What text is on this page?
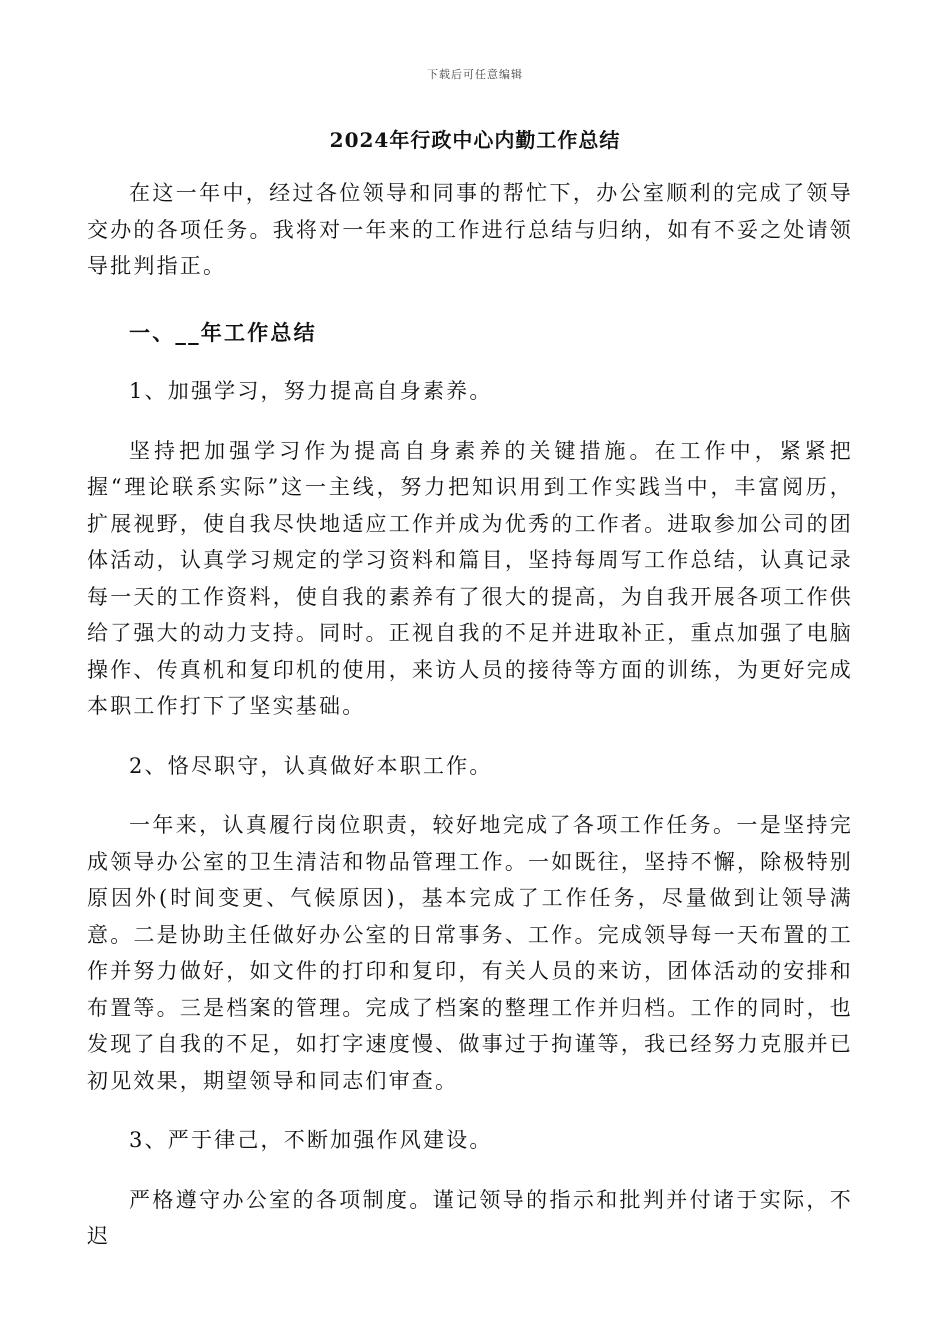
下载后可任意编辑
2024年行政中心内勤工作总结

在这一年中，经过各位领导和同事的帮忙下，办公室顺利的完成了领导交办的各项任务。我将对一年来的工作进行总结与归纳，如有不妥之处请领导批判指正。

一、__年工作总结

1、加强学习，努力提高自身素养。

坚持把加强学习作为提高自身素养的关键措施。在工作中，紧紧把握“理论联系实际”这一主线，努力把知识用到工作实践当中，丰富阅历，扩展视野，使自我尽快地适应工作并成为优秀的工作者。进取参加公司的团体活动，认真学习规定的学习资料和篇目，坚持每周写工作总结，认真记录每一天的工作资料，使自我的素养有了很大的提高，为自我开展各项工作供给了强大的动力支持。同时。正视自我的不足并进取补正，重点加强了电脑操作、传真机和复印机的使用，来访人员的接待等方面的训练，为更好完成本职工作打下了坚实基础。

2、恪尽职守，认真做好本职工作。

一年来，认真履行岗位职责，较好地完成了各项工作任务。一是坚持完成领导办公室的卫生清洁和物品管理工作。一如既往，坚持不懈，除极特别原因外(时间变更、气候原因)，基本完成了工作任务，尽量做到让领导满意。二是协助主任做好办公室的日常事务、工作。完成领导每一天布置的工作并努力做好，如文件的打印和复印，有关人员的来访，团体活动的安排和布置等。三是档案的管理。完成了档案的整理工作并归档。工作的同时，也发现了自我的不足，如打字速度慢、做事过于拘谨等，我已经努力克服并已初见效果，期望领导和同志们审查。

3、严于律己，不断加强作风建设。

严格遵守办公室的各项制度。谨记领导的指示和批判并付诸于实际，不迟
